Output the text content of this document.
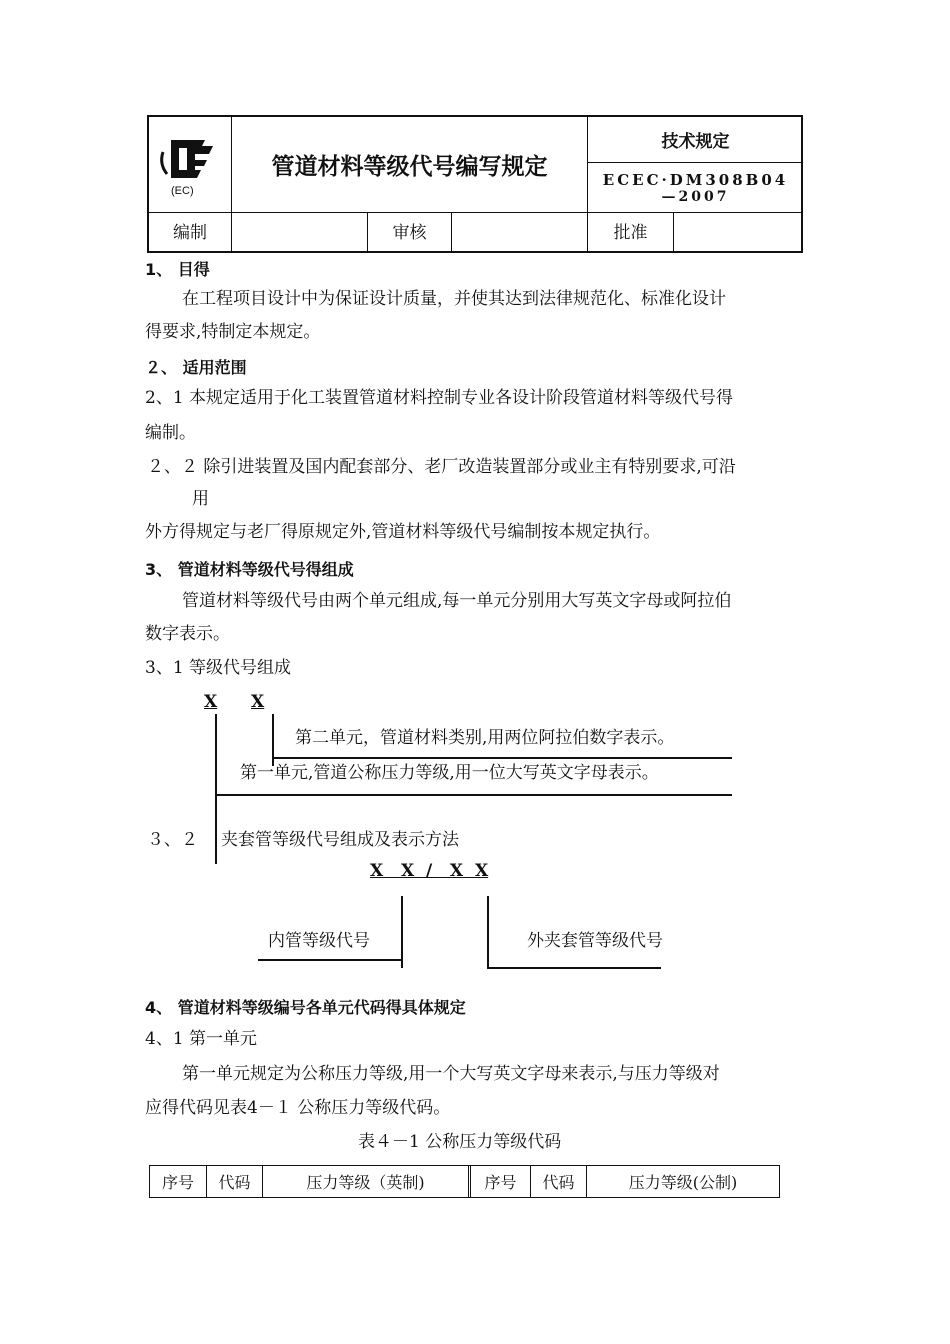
(EC)
管道材料等级代号编写规定
技术规定
ECEC·DM308B04
—2007
编制	审核	批准
1、 目得
在工程项目设计中为保证设计质量，并使其达到法律规范化、标准化设计
得要求,特制定本规定。
２、 适用范围
2、1 本规定适用于化工装置管道材料控制专业各设计阶段管道材料等级代号得
编制。
２、２ 除引进装置及国内配套部分、老厂改造装置部分或业主有特别要求,可沿
用
外方得规定与老厂得原规定外,管道材料等级代号编制按本规定执行。
3、 管道材料等级代号得组成
管道材料等级代号由两个单元组成,每一单元分别用大写英文字母或阿拉伯
数字表示。
3、1 等级代号组成
X X
第二单元，管道材料类别,用两位阿拉伯数字表示。
第一单元,管道公称压力等级,用一位大写英文字母表示。
３、２ 夹套管等级代号组成及表示方法
X   X  /   X  X
内管等级代号	外夹套管等级代号
4、 管道材料等级编号各单元代码得具体规定
4、1 第一单元
第一单元规定为公称压力等级,用一个大写英文字母来表示,与压力等级对
应得代码见表4－１ 公称压力等级代码。
表４－1 公称压力等级代码
序号	代码	压力等级（英制)	序号	代码	压力等级(公制)
